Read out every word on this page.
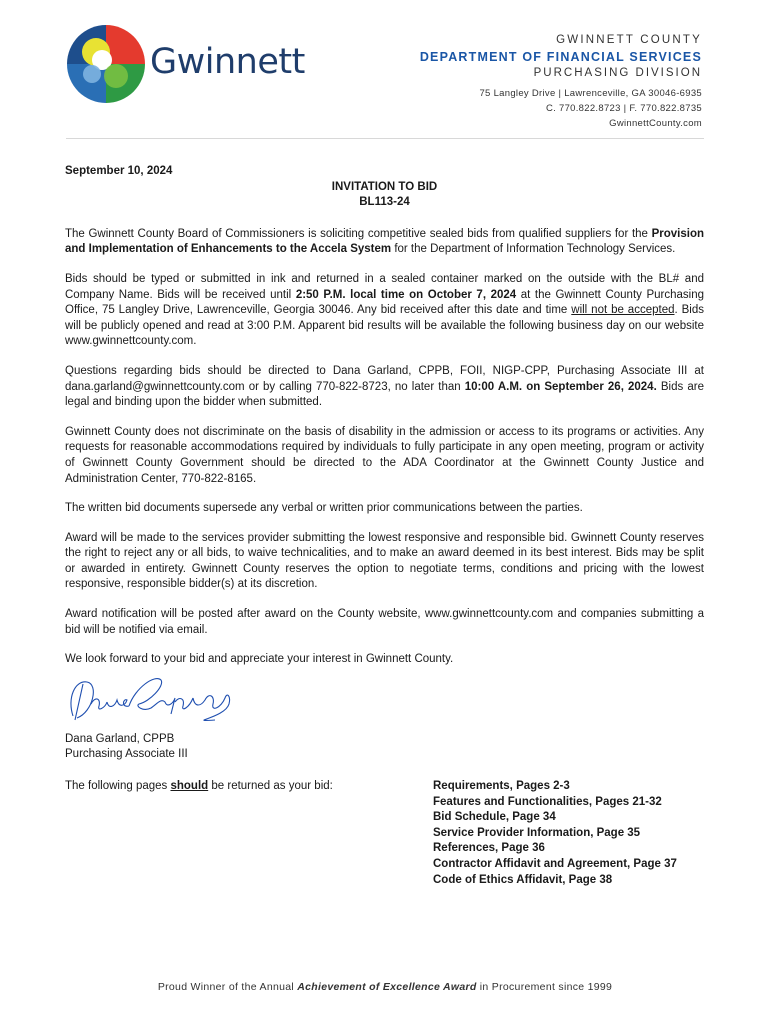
Gwinnett
GWINNETT COUNTY
DEPARTMENT OF FINANCIAL SERVICES
PURCHASING DIVISION
75 Langley Drive | Lawrenceville, GA 30046-6935
C. 770.822.8723 | F. 770.822.8735
GwinnettCounty.com
September 10, 2024
INVITATION TO BID
BL113-24

The Gwinnett County Board of Commissioners is soliciting competitive sealed bids from qualified suppliers for the Provision and Implementation of Enhancements to the Accela System for the Department of Information Technology Services.

Bids should be typed or submitted in ink and returned in a sealed container marked on the outside with the BL# and Company Name. Bids will be received until 2:50 P.M. local time on October 7, 2024 at the Gwinnett County Purchasing Office, 75 Langley Drive, Lawrenceville, Georgia 30046. Any bid received after this date and time will not be accepted. Bids will be publicly opened and read at 3:00 P.M. Apparent bid results will be available the following business day on our website www.gwinnettcounty.com.

Questions regarding bids should be directed to Dana Garland, CPPB, FOII, NIGP-CPP, Purchasing Associate III at dana.garland@gwinnettcounty.com or by calling 770-822-8723, no later than 10:00 A.M. on September 26, 2024. Bids are legal and binding upon the bidder when submitted.

Gwinnett County does not discriminate on the basis of disability in the admission or access to its programs or activities. Any requests for reasonable accommodations required by individuals to fully participate in any open meeting, program or activity of Gwinnett County Government should be directed to the ADA Coordinator at the Gwinnett County Justice and Administration Center, 770-822-8165.

The written bid documents supersede any verbal or written prior communications between the parties.

Award will be made to the services provider submitting the lowest responsive and responsible bid. Gwinnett County reserves the right to reject any or all bids, to waive technicalities, and to make an award deemed in its best interest. Bids may be split or awarded in entirety. Gwinnett County reserves the option to negotiate terms, conditions and pricing with the lowest responsive, responsible bidder(s) at its discretion.

Award notification will be posted after award on the County website, www.gwinnettcounty.com and companies submitting a bid will be notified via email.

We look forward to your bid and appreciate your interest in Gwinnett County.

Dana Garland, CPPB
Purchasing Associate III
The following pages should be returned as your bid:	Requirements, Pages 2-3
Features and Functionalities, Pages 21-32
Bid Schedule, Page 34
Service Provider Information, Page 35
References, Page 36
Contractor Affidavit and Agreement, Page 37
Code of Ethics Affidavit, Page 38
Proud Winner of the Annual Achievement of Excellence Award in Procurement since 1999
